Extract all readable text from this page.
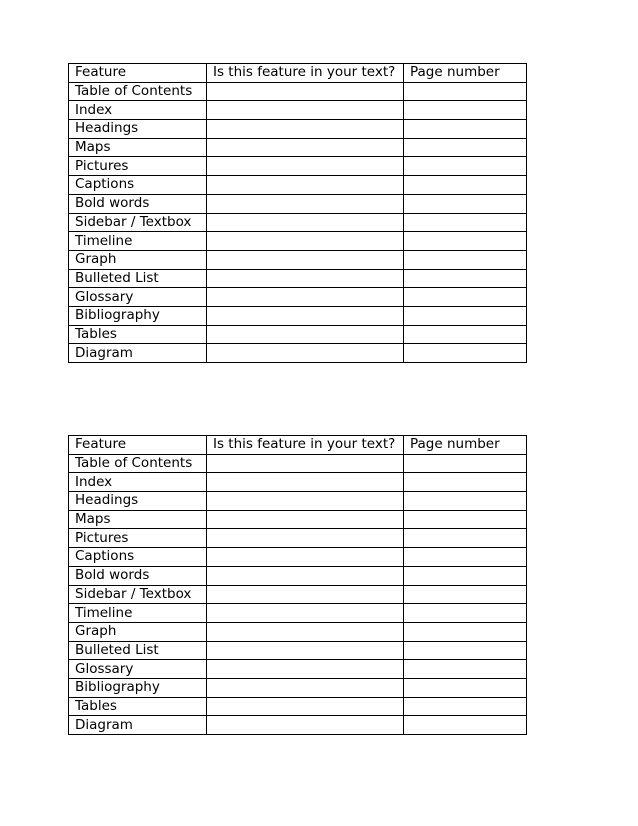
Feature	Is this feature in your text?	Page number
Table of Contents		
Index		
Headings		
Maps		
Pictures		
Captions		
Bold words		
Sidebar / Textbox		
Timeline		
Graph		
Bulleted List		
Glossary		
Bibliography		
Tables		
Diagram		
Feature	Is this feature in your text?	Page number
Table of Contents		
Index		
Headings		
Maps		
Pictures		
Captions		
Bold words		
Sidebar / Textbox		
Timeline		
Graph		
Bulleted List		
Glossary		
Bibliography		
Tables		
Diagram		
